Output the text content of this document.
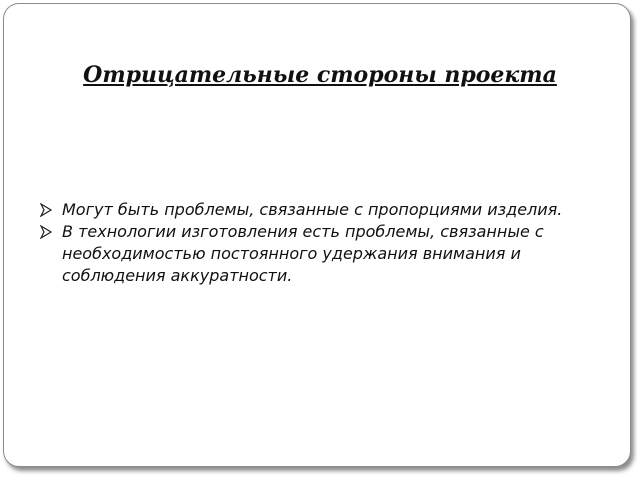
Отрицательные стороны проекта
Могут быть проблемы, связанные с пропорциями изделия.
В технологии изготовления есть проблемы, связанные с необходимостью постоянного удержания внимания и соблюдения аккуратности.
